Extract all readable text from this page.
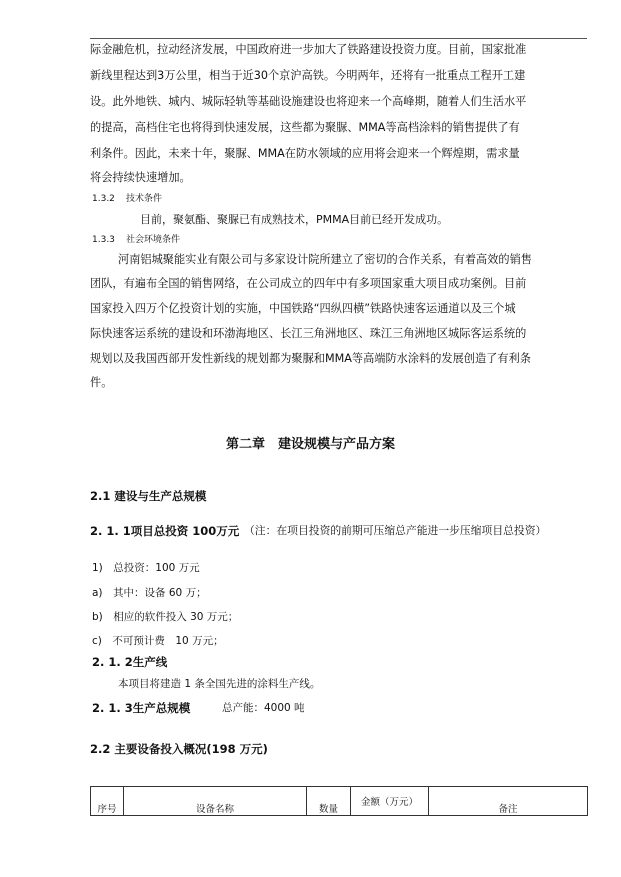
际金融危机，拉动经济发展，中国政府进一步加大了铁路建设投资力度。目前，国家批准
新线里程达到3万公里，相当于近30个京沪高铁。今明两年，还将有一批重点工程开工建
设。此外地铁、城内、城际轻轨等基础设施建设也将迎来一个高峰期，随着人们生活水平
的提高，高档住宅也将得到快速发展，这些都为聚脲、MMA等高档涂料的销售提供了有
利条件。因此，未来十年，聚脲、MMA在防水领域的应用将会迎来一个辉煌期，需求量
将会持续快速增加。
1.3.2 技术条件
目前，聚氨酯、聚脲已有成熟技术，PMMA目前已经开发成功。
1.3.3 社会环境条件
河南铝城聚能实业有限公司与多家设计院所建立了密切的合作关系，有着高效的销售
团队，有遍布全国的销售网络，在公司成立的四年中有多项国家重大项目成功案例。目前
国家投入四万个亿投资计划的实施，中国铁路“四纵四横”铁路快速客运通道以及三个城
际快速客运系统的建设和环渤海地区、长江三角洲地区、珠江三角洲地区城际客运系统的
规划以及我国西部开发性新线的规划都为聚脲和MMA等高端防水涂料的发展创造了有利条
件。
第二章　建设规模与产品方案
2.1 建设与生产总规模
2. 1. 1项目总投资 100万元 （注：在项目投资的前期可压缩总产能进一步压缩项目总投资）
1)　总投资：100 万元
a)　其中：设备 60 万；
b)　相应的软件投入 30 万元；
c)　不可预计费　10 万元；
2. 1. 2生产线
本项目将建造 1 条全国先进的涂料生产线。
2. 1. 3生产总规模	总产能：4000 吨
2.2 主要设备投入概况(198 万元)
序号	设备名称	数量	金额（万元）	备注
